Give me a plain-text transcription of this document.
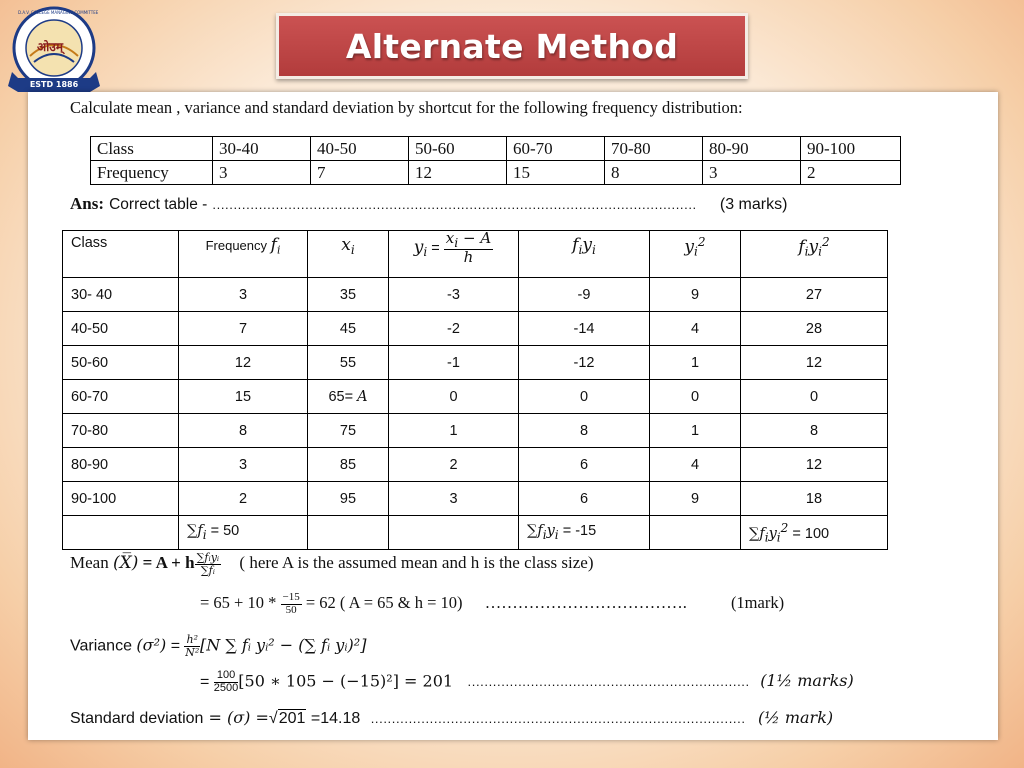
ओउम्
D.A.V. COLLEGE MANAGING COMMITTEE
ESTD 1886
Alternate Method
Calculate mean , variance and standard deviation by shortcut for the following frequency distribution:
Class	30-40	40-50	50-60	60-70	70-80	80-90	90-100
Frequency	3	7	12	15	8	3	2
Ans: Correct table - ................................................................................................................... (3 marks)
Class	Frequency $f_i$	$x_i$	$y_i = \frac{x_i - A}{h}$	$f_iy_i$	$y_i^2$	$f_iy_i^2$
30- 40	3	35	-3	-9	9	27
40-50	7	45	-2	-14	4	28
50-60	12	55	-1	-12	1	12
60-70	15	65= A	0	0	0	0
70-80	8	75	1	8	1	8
80-90	3	85	2	6	4	12
90-100	2	95	3	6	9	18
	$\sum f_i = 50$			$\sum f_iy_i = -15$		$\sum f_iy_i^2 = 100$
Mean (X̅) = A + h $\frac{\text{∑fᵢyᵢ}}{\text{∑fᵢ}}$ ( here A is the assumed mean and h is the class size)
= $65 + 10 * \frac{-15}{50} = 62$ ( A = 65 & h = 10) ……………………………….	(1mark)
Variance $(\sigma^2) = \frac{\text{h²}}{\text{N²}} [N$ ∑ fᵢ yᵢ² − (∑ fᵢ yᵢ)²]
= $\frac{100}{2500} [50$ ∗ 105 − (−15)²] = 201 ................................................................... (1½ marks)
Standard deviation = (σ) =√201 =14.18 ......................................................................................... (½ mark)
